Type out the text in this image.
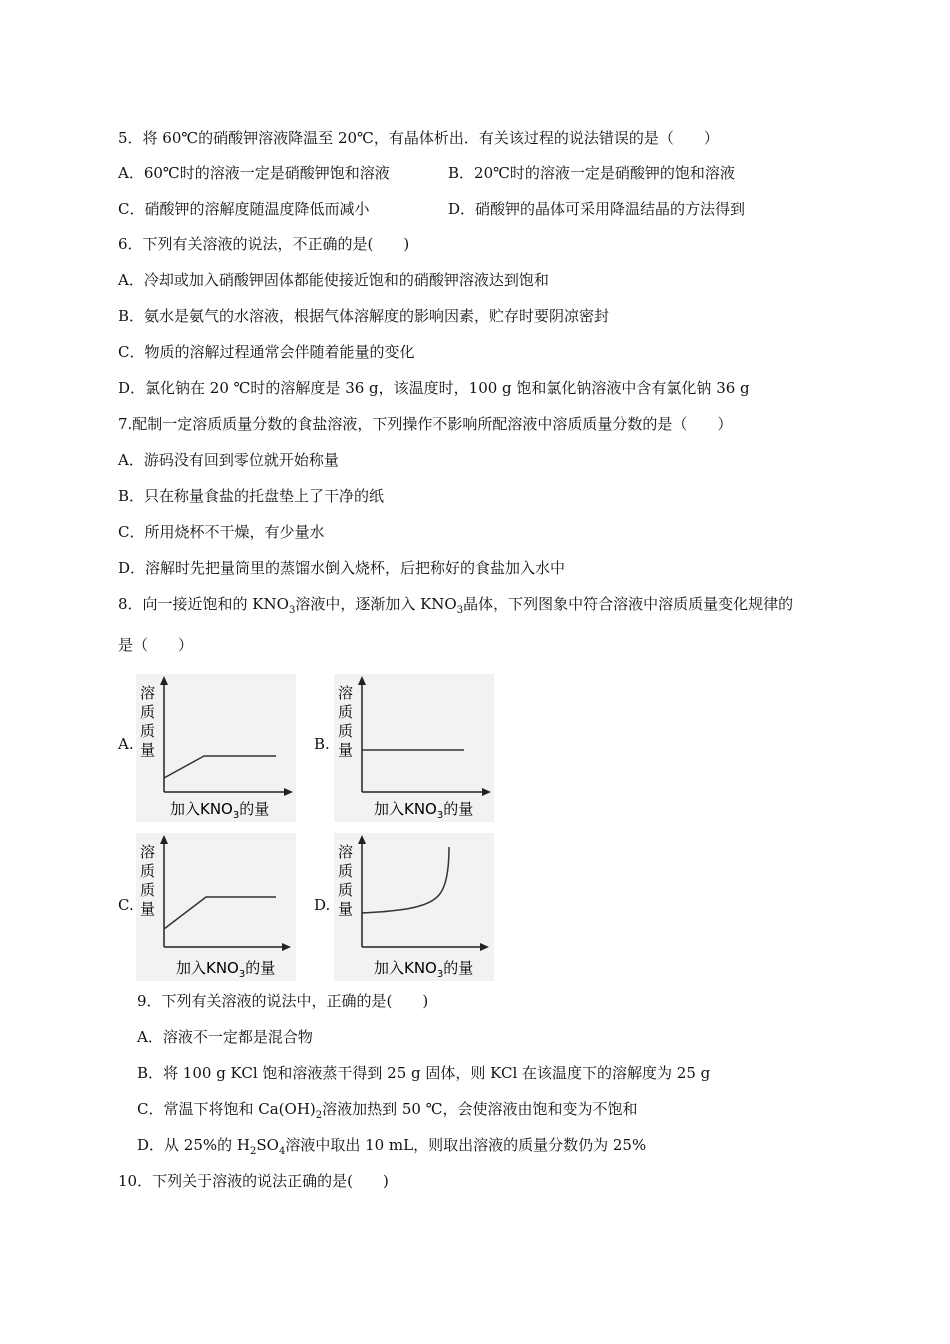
5．将 60℃的硝酸钾溶液降温至 20℃，有晶体析出．有关该过程的说法错误的是（　　）
A．60℃时的溶液一定是硝酸钾饱和溶液	B．20℃时的溶液一定是硝酸钾的饱和溶液
C．硝酸钾的溶解度随温度降低而减小	D．硝酸钾的晶体可采用降温结晶的方法得到
6．下列有关溶液的说法，不正确的是(　　)
A．冷却或加入硝酸钾固体都能使接近饱和的硝酸钾溶液达到饱和
B．氨水是氨气的水溶液，根据气体溶解度的影响因素，贮存时要阴凉密封
C．物质的溶解过程通常会伴随着能量的变化
D．氯化钠在 20 ℃时的溶解度是 36 g，该温度时，100 g 饱和氯化钠溶液中含有氯化钠 36 g
7.配制一定溶质质量分数的食盐溶液，下列操作不影响所配溶液中溶质质量分数的是（　　）
A．游码没有回到零位就开始称量
B．只在称量食盐的托盘垫上了干净的纸
C．所用烧杯不干燥，有少量水
D．溶解时先把量筒里的蒸馏水倒入烧杯，后把称好的食盐加入水中
8．向一接近饱和的 $KNO_3$溶液中，逐渐加入 $KNO_3$晶体，下列图象中符合溶液中溶质质量变化规律的
是（　　）
A.
溶
质
质
量
加入$KNO_3$的量
B.
溶
质
质
量
加入$KNO_3$的量
C.
溶
质
质
量
加入$KNO_3$的量
D.
溶
质
质
量
加入$KNO_3$的量
9．下列有关溶液的说法中，正确的是(　　)
A．溶液不一定都是混合物
B．将 100 g KCl 饱和溶液蒸干得到 25 g 固体，则 KCl 在该温度下的溶解度为 25 g
C．常温下将饱和 $Ca(OH)_2$溶液加热到 50 ℃，会使溶液由饱和变为不饱和
D．从 25%的 $H_2SO_4$溶液中取出 10 mL，则取出溶液的质量分数仍为 25%
10．下列关于溶液的说法正确的是(　　)
